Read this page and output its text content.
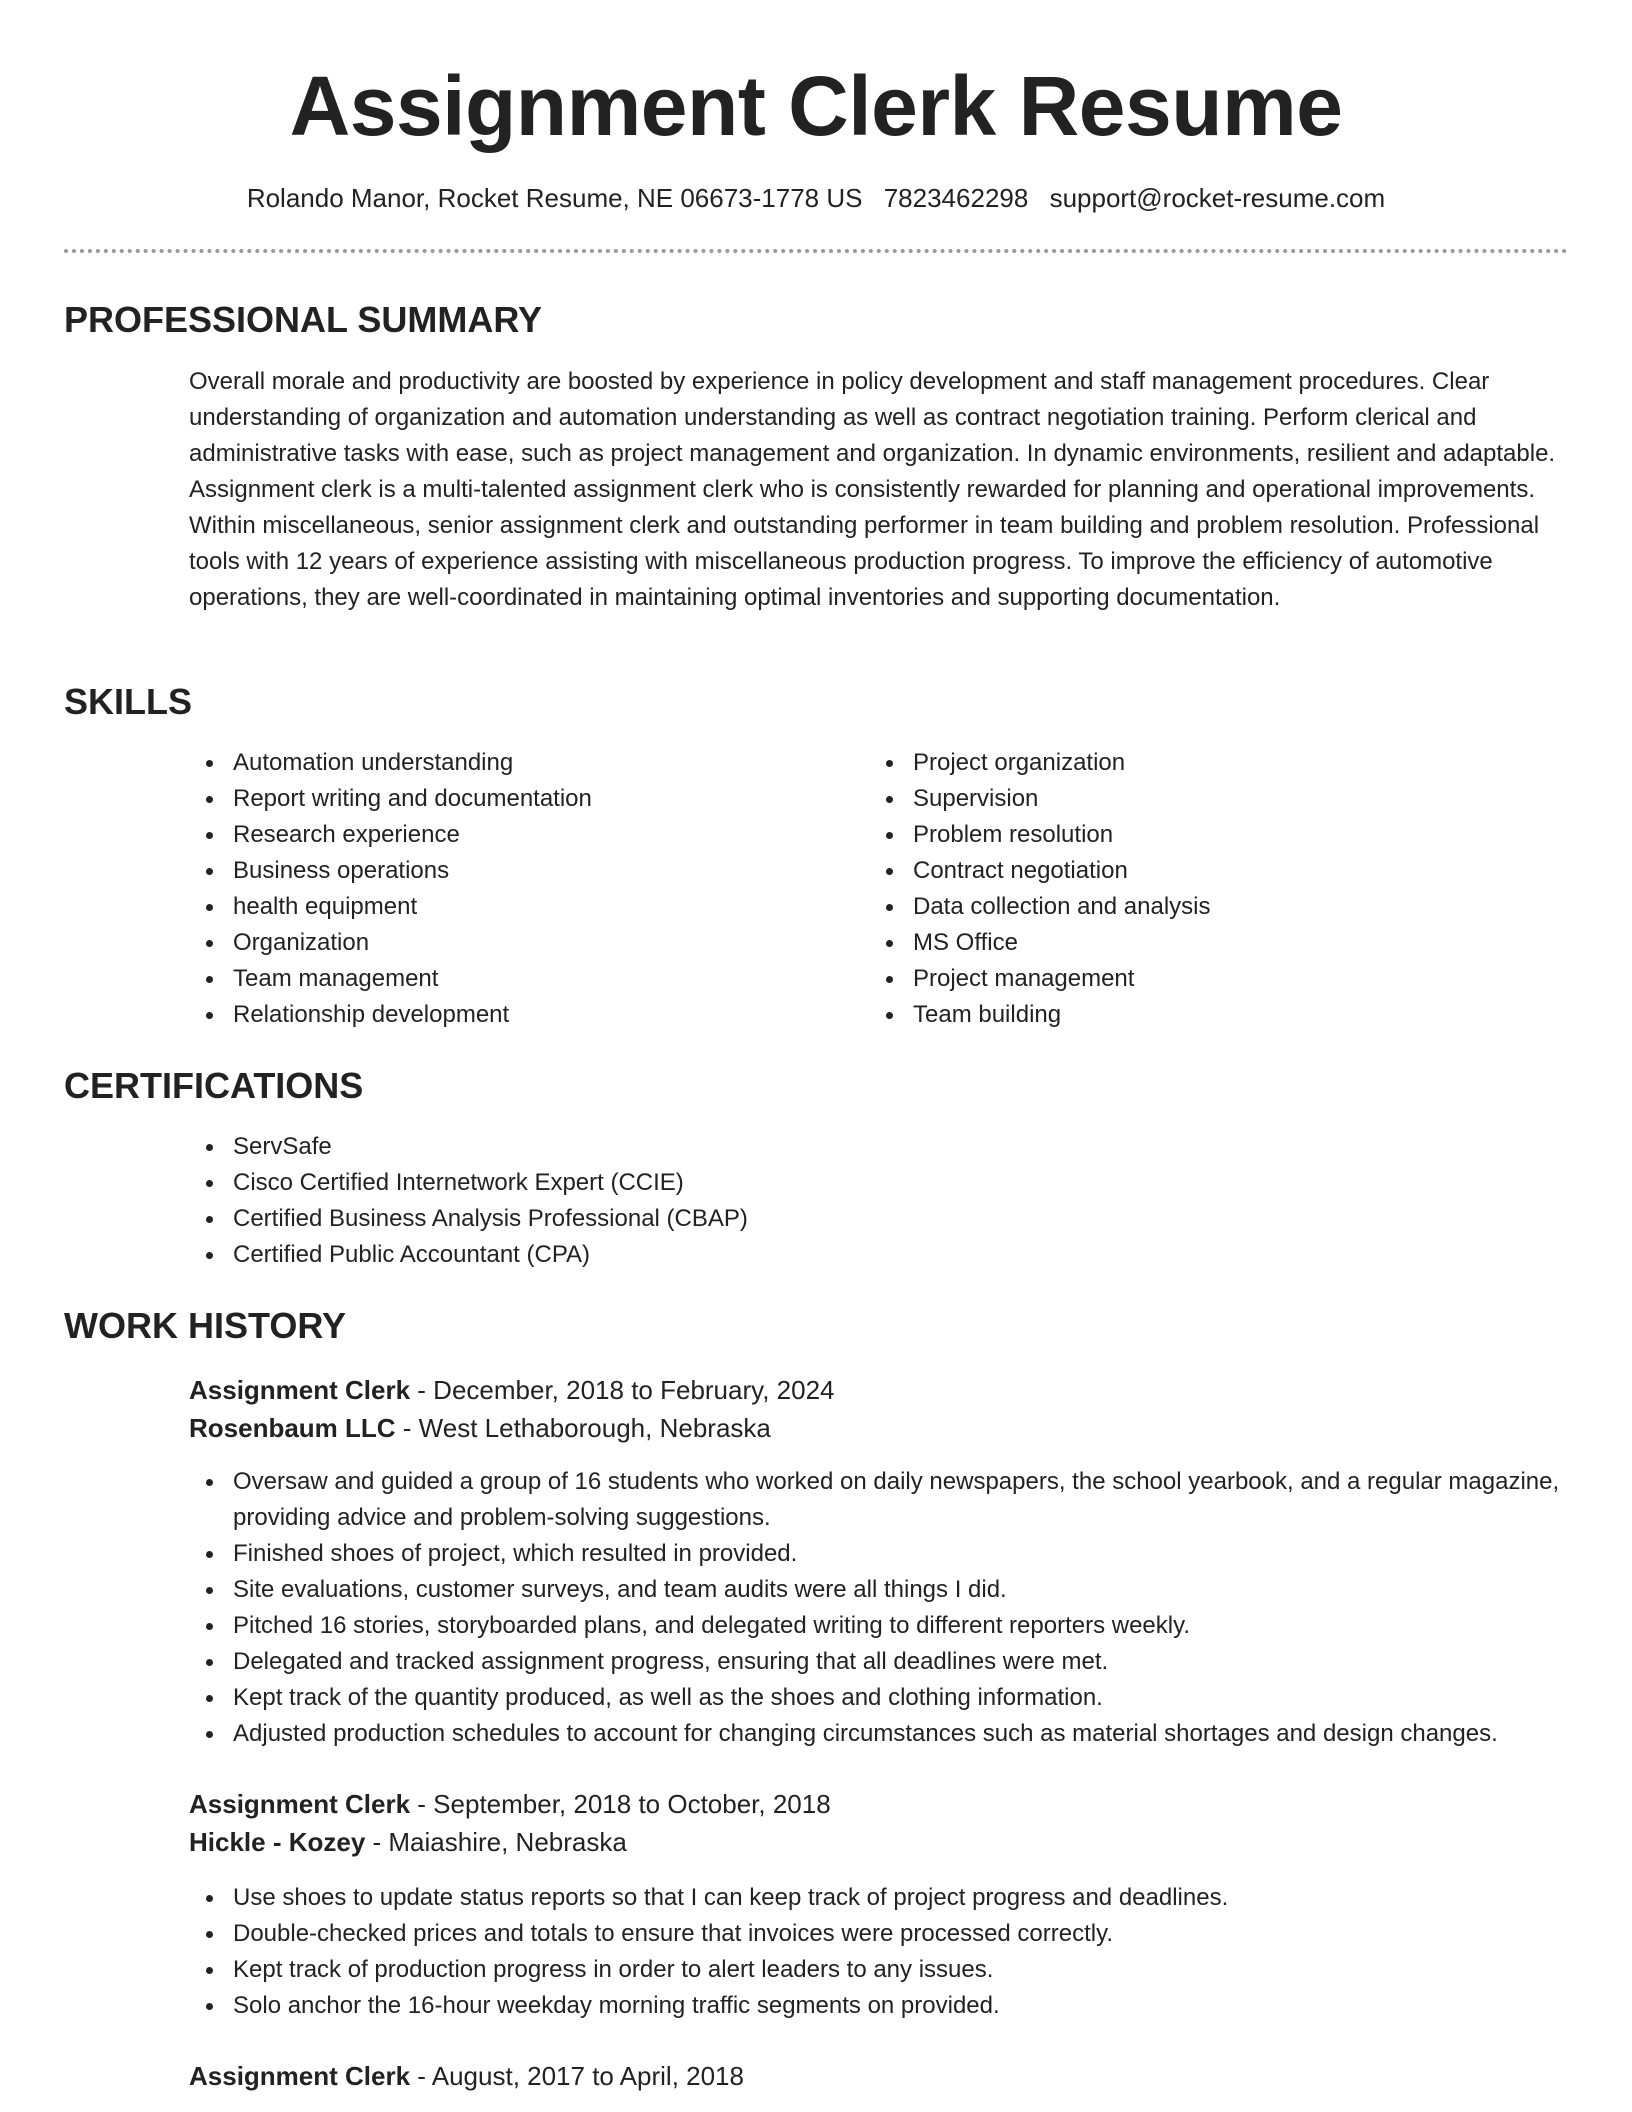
Assignment Clerk Resume
Rolando Manor, Rocket Resume, NE 06673-1778 US 7823462298 support@rocket-resume.com
PROFESSIONAL SUMMARY

Overall morale and productivity are boosted by experience in policy development and staff management procedures. Clear understanding of organization and automation understanding as well as contract negotiation training. Perform clerical and administrative tasks with ease, such as project management and organization. In dynamic environments, resilient and adaptable. Assignment clerk is a multi-talented assignment clerk who is consistently rewarded for planning and operational improvements. Within miscellaneous, senior assignment clerk and outstanding performer in team building and problem resolution. Professional tools with 12 years of experience assisting with miscellaneous production progress. To improve the efficiency of automotive operations, they are well-coordinated in maintaining optimal inventories and supporting documentation.

SKILLS
Automation understanding
Report writing and documentation
Research experience
Business operations
health equipment
Organization
Team management
Relationship development
Project organization
Supervision
Problem resolution
Contract negotiation
Data collection and analysis
MS Office
Project management
Team building
CERTIFICATIONS
ServSafe
Cisco Certified Internetwork Expert (CCIE)
Certified Business Analysis Professional (CBAP)
Certified Public Accountant (CPA)
WORK HISTORY
Assignment Clerk - December, 2018 to February, 2024
Rosenbaum LLC - West Lethaborough, Nebraska
Oversaw and guided a group of 16 students who worked on daily newspapers, the school yearbook, and a regular magazine, providing advice and problem-solving suggestions.
Finished shoes of project, which resulted in provided.
Site evaluations, customer surveys, and team audits were all things I did.
Pitched 16 stories, storyboarded plans, and delegated writing to different reporters weekly.
Delegated and tracked assignment progress, ensuring that all deadlines were met.
Kept track of the quantity produced, as well as the shoes and clothing information.
Adjusted production schedules to account for changing circumstances such as material shortages and design changes.
Assignment Clerk - September, 2018 to October, 2018
Hickle - Kozey - Maiashire, Nebraska
Use shoes to update status reports so that I can keep track of project progress and deadlines.
Double-checked prices and totals to ensure that invoices were processed correctly.
Kept track of production progress in order to alert leaders to any issues.
Solo anchor the 16-hour weekday morning traffic segments on provided.
Assignment Clerk - August, 2017 to April, 2018
